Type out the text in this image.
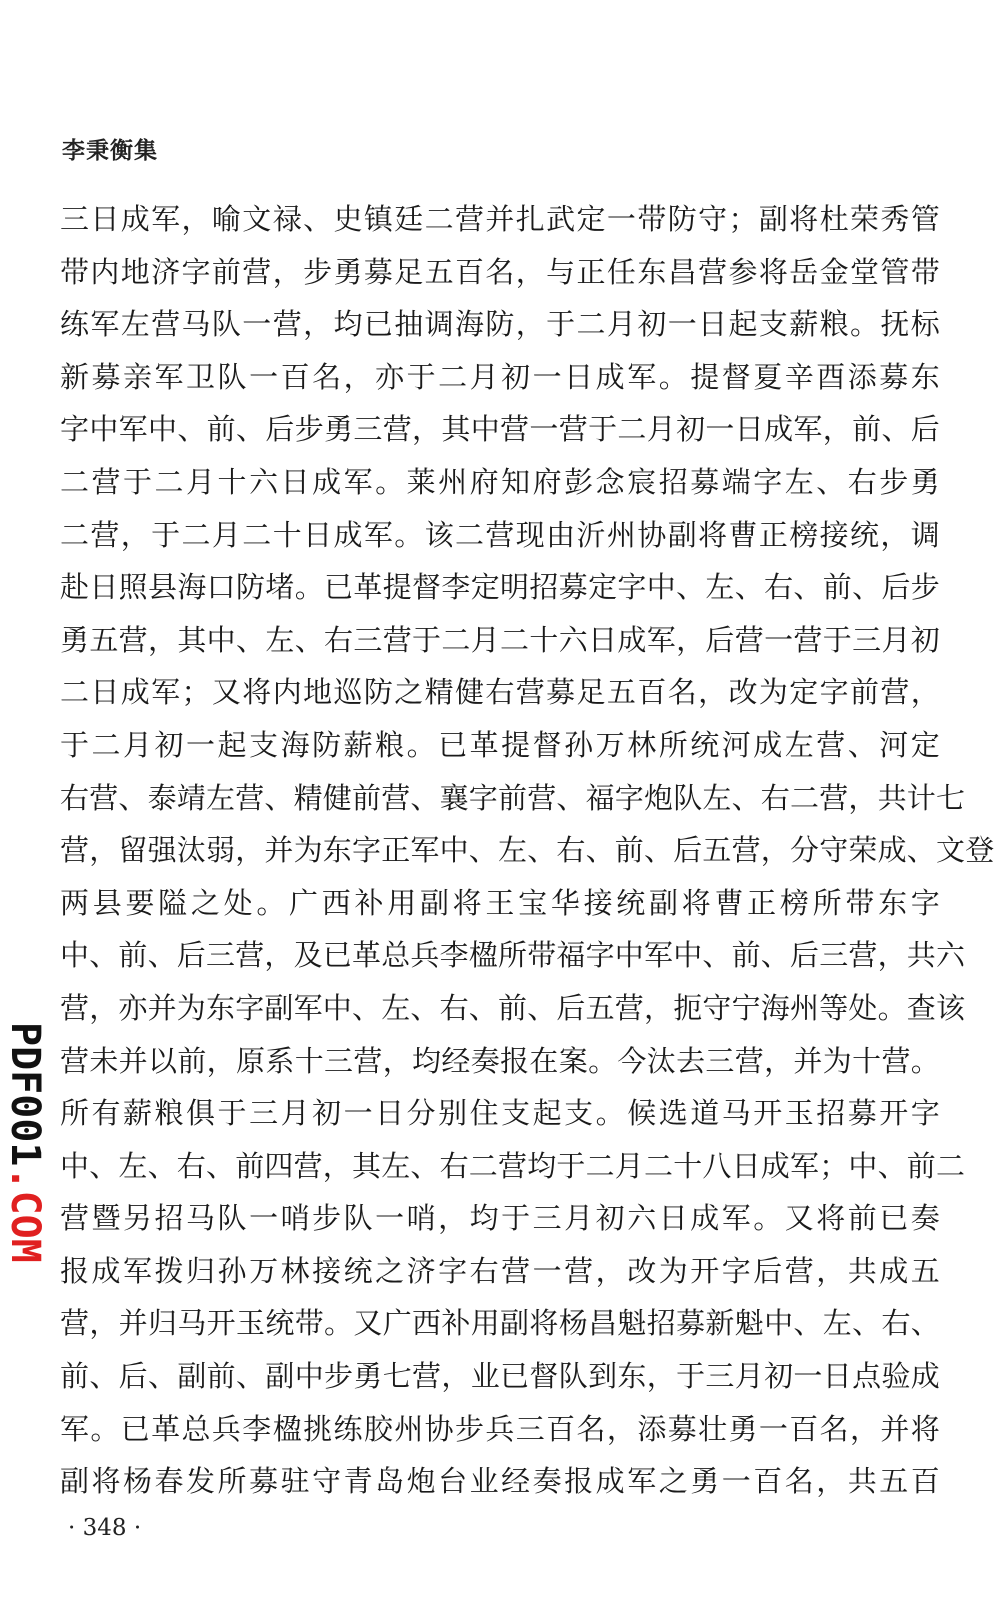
李秉衡集
三日成军，喻文禄、史镇廷二营并扎武定一带防守；副将杜荣秀管
带内地济字前营，步勇募足五百名，与正任东昌营参将岳金堂管带
练军左营马队一营，均已抽调海防，于二月初一日起支薪粮。抚标
新募亲军卫队一百名，亦于二月初一日成军。提督夏辛酉添募东
字中军中、前、后步勇三营，其中营一营于二月初一日成军，前、后
二营于二月十六日成军。莱州府知府彭念宸招募端字左、右步勇
二营，于二月二十日成军。该二营现由沂州协副将曹正榜接统，调
赴日照县海口防堵。已革提督李定明招募定字中、左、右、前、后步
勇五营，其中、左、右三营于二月二十六日成军，后营一营于三月初
二日成军；又将内地巡防之精健右营募足五百名，改为定字前营，
于二月初一起支海防薪粮。已革提督孙万林所统河成左营、河定
右营、泰靖左营、精健前营、襄字前营、福字炮队左、右二营，共计七
营，留强汰弱，并为东字正军中、左、右、前、后五营，分守荣成、文登
两县要隘之处。广西补用副将王宝华接统副将曹正榜所带东字
中、前、后三营，及已革总兵李楹所带福字中军中、前、后三营，共六
营，亦并为东字副军中、左、右、前、后五营，扼守宁海州等处。查该
营未并以前，原系十三营，均经奏报在案。今汰去三营，并为十营。
所有薪粮俱于三月初一日分别住支起支。候选道马开玉招募开字
中、左、右、前四营，其左、右二营均于二月二十八日成军；中、前二
营暨另招马队一哨步队一哨，均于三月初六日成军。又将前已奏
报成军拨归孙万林接统之济字右营一营，改为开字后营，共成五
营，并归马开玉统带。又广西补用副将杨昌魁招募新魁中、左、右、
前、后、副前、副中步勇七营，业已督队到东，于三月初一日点验成
军。已革总兵李楹挑练胶州协步兵三百名，添募壮勇一百名，并将
副将杨春发所募驻守青岛炮台业经奏报成军之勇一百名，共五百
· 348 ·
PDF001.COM
